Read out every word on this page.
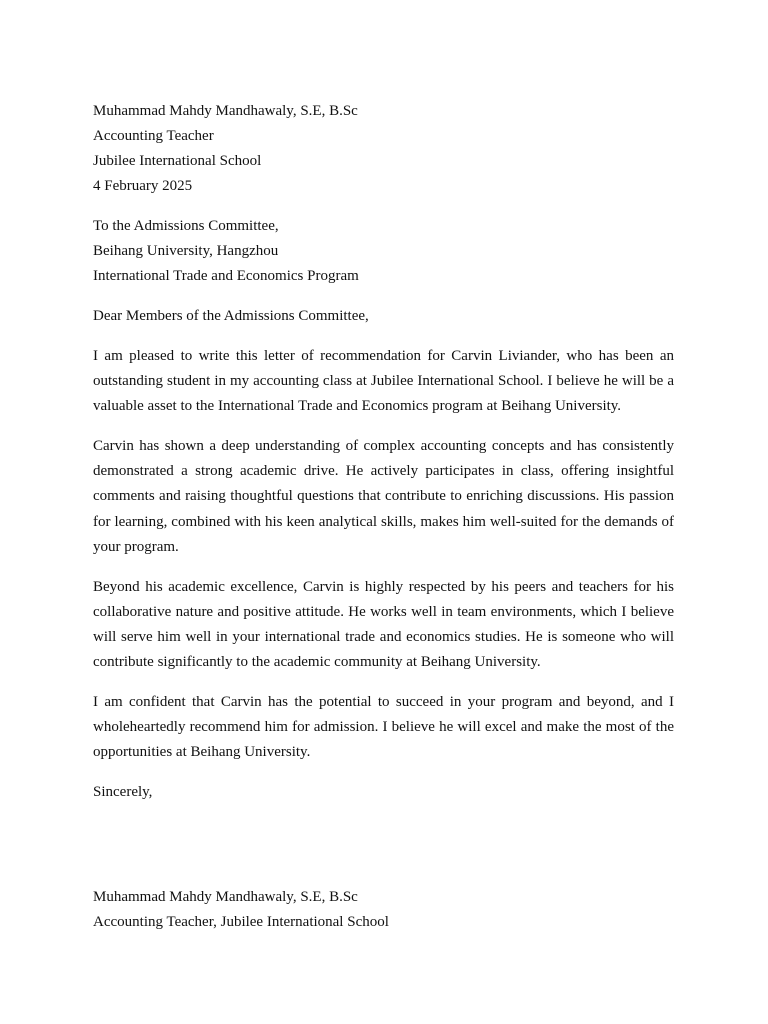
Muhammad Mahdy Mandhawaly, S.E, B.Sc

Accounting Teacher

Jubilee International School

4 February 2025

To the Admissions Committee,

Beihang University, Hangzhou

International Trade and Economics Program

Dear Members of the Admissions Committee,

I am pleased to write this letter of recommendation for Carvin Liviander, who has been an outstanding student in my accounting class at Jubilee International School. I believe he will be a valuable asset to the International Trade and Economics program at Beihang University.

Carvin has shown a deep understanding of complex accounting concepts and has consistently demonstrated a strong academic drive. He actively participates in class, offering insightful comments and raising thoughtful questions that contribute to enriching discussions. His passion for learning, combined with his keen analytical skills, makes him well-suited for the demands of your program.

Beyond his academic excellence, Carvin is highly respected by his peers and teachers for his collaborative nature and positive attitude. He works well in team environments, which I believe will serve him well in your international trade and economics studies. He is someone who will contribute significantly to the academic community at Beihang University.

I am confident that Carvin has the potential to succeed in your program and beyond, and I wholeheartedly recommend him for admission. I believe he will excel and make the most of the opportunities at Beihang University.

Sincerely,

Muhammad Mahdy Mandhawaly, S.E, B.Sc

Accounting Teacher, Jubilee International School
